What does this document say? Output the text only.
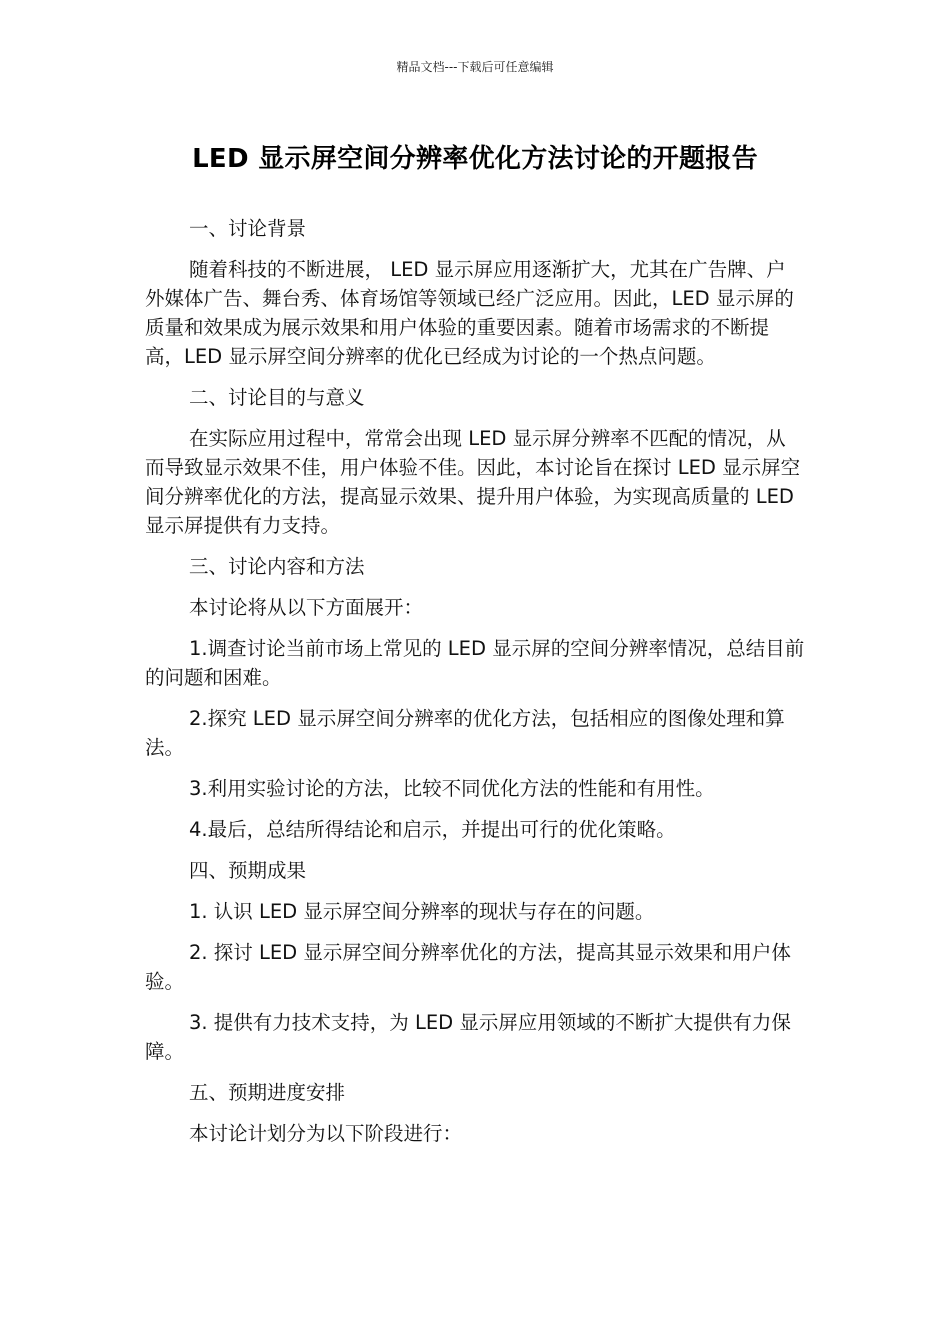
精品文档---下载后可任意编辑
LED 显示屏空间分辨率优化方法讨论的开题报告

一、讨论背景

随着科技的不断进展， LED 显示屏应用逐渐扩大，尤其在广告牌、户外媒体广告、舞台秀、体育场馆等领域已经广泛应用。因此，LED 显示屏的质量和效果成为展示效果和用户体验的重要因素。随着市场需求的不断提高，LED 显示屏空间分辨率的优化已经成为讨论的一个热点问题。

二、讨论目的与意义

在实际应用过程中，常常会出现 LED 显示屏分辨率不匹配的情况，从而导致显示效果不佳，用户体验不佳。因此，本讨论旨在探讨 LED 显示屏空间分辨率优化的方法，提高显示效果、提升用户体验，为实现高质量的 LED 显示屏提供有力支持。

三、讨论内容和方法

本讨论将从以下方面展开：

1.调查讨论当前市场上常见的 LED 显示屏的空间分辨率情况，总结目前的问题和困难。

2.探究 LED 显示屏空间分辨率的优化方法，包括相应的图像处理和算法。

3.利用实验讨论的方法，比较不同优化方法的性能和有用性。

4.最后，总结所得结论和启示，并提出可行的优化策略。

四、预期成果

1. 认识 LED 显示屏空间分辨率的现状与存在的问题。

2. 探讨 LED 显示屏空间分辨率优化的方法，提高其显示效果和用户体验。

3. 提供有力技术支持，为 LED 显示屏应用领域的不断扩大提供有力保障。

五、预期进度安排

本讨论计划分为以下阶段进行：
